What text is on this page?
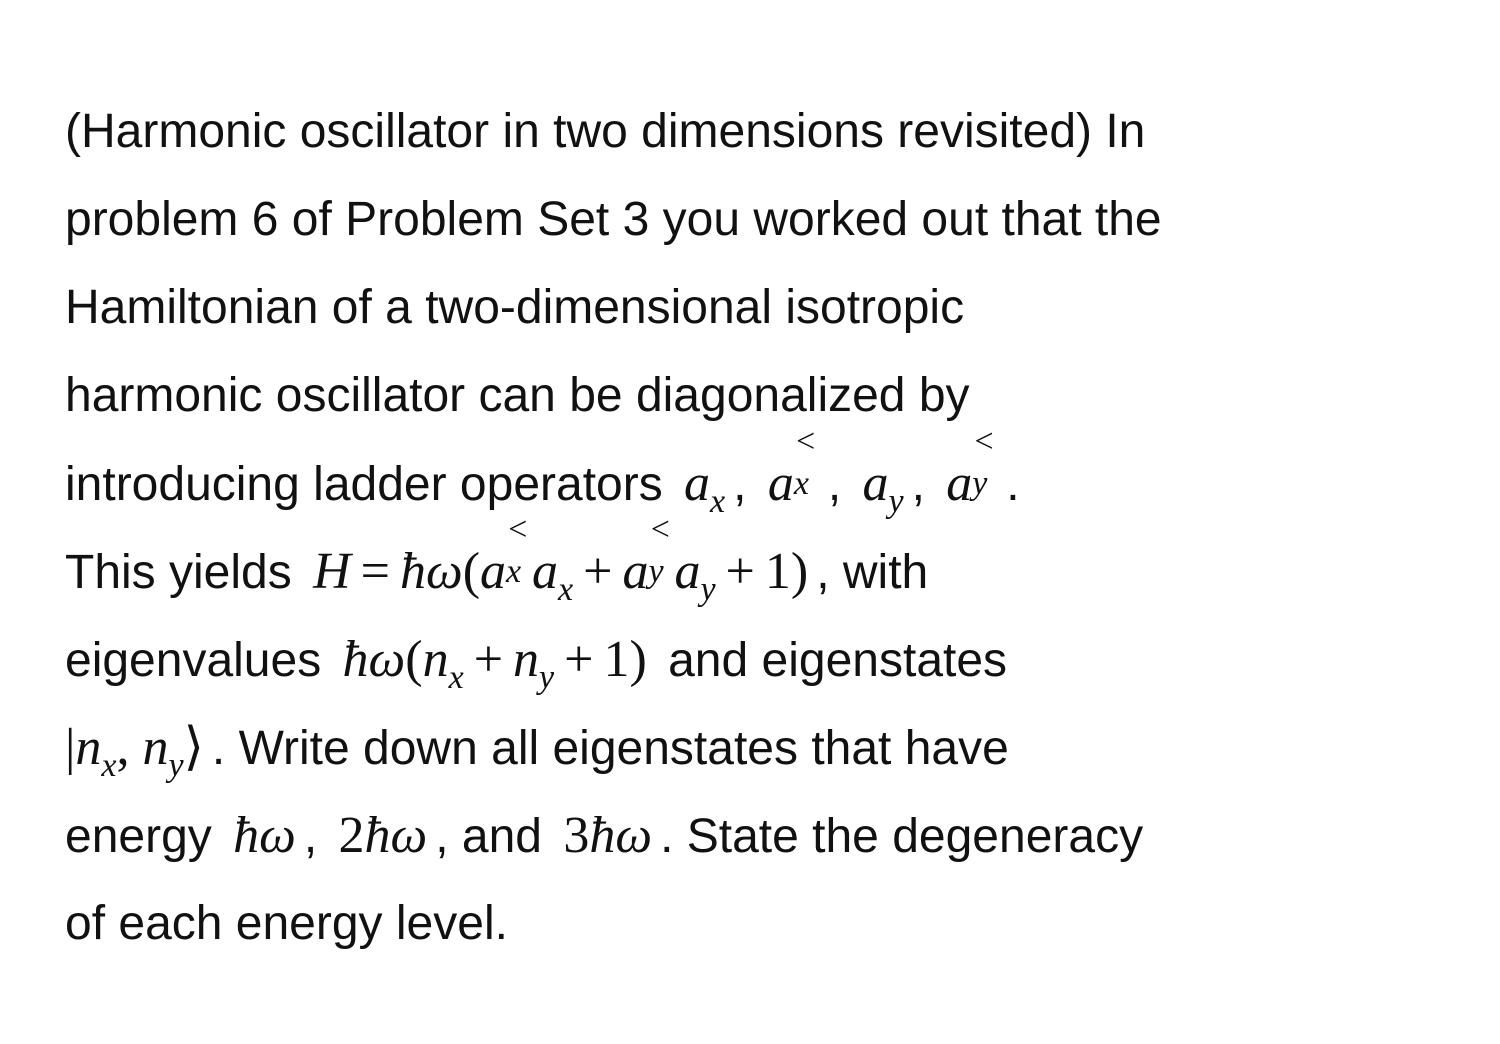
(Harmonic oscillator in two dimensions revisited) In
problem 6 of Problem Set 3 you worked out that the
Hamiltonian of a two-dimensional isotropic
harmonic oscillator can be diagonalized by
introducing ladder operators $a_x$ , a
<
x , $a_y$ , a
<
y .
This yields H = ħω(a
<
x $a_x + a$
<
y $a_y + 1$) , with
eigenvalues $ħ\omega(n_x + n_y + 1)$ and eigenstates
$|n_x$, $n_y⟩$ . Write down all eigenstates that have
energy ħω , 2ħω , and 3ħω . State the degeneracy
of each energy level.
